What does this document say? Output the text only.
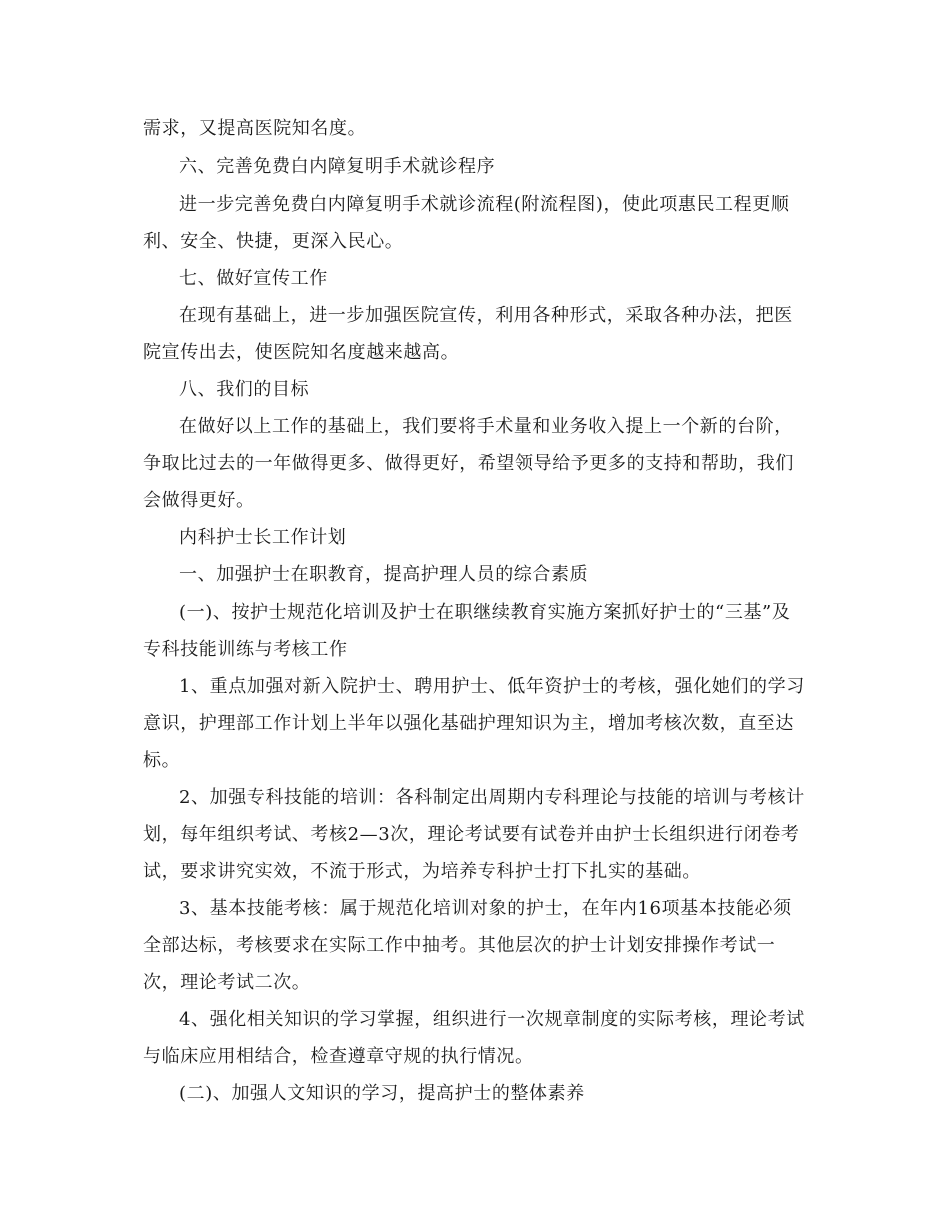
需求，又提高医院知名度。

六、完善免费白内障复明手术就诊程序

进一步完善免费白内障复明手术就诊流程(附流程图)，使此项惠民工程更顺

利、安全、快捷，更深入民心。

七、做好宣传工作

在现有基础上，进一步加强医院宣传，利用各种形式，采取各种办法，把医

院宣传出去，使医院知名度越来越高。

八、我们的目标

在做好以上工作的基础上，我们要将手术量和业务收入提上一个新的台阶，

争取比过去的一年做得更多、做得更好，希望领导给予更多的支持和帮助，我们

会做得更好。

内科护士长工作计划

一、加强护士在职教育，提高护理人员的综合素质

(一)、按护士规范化培训及护士在职继续教育实施方案抓好护士的“三基”及

专科技能训练与考核工作

1、重点加强对新入院护士、聘用护士、低年资护士的考核，强化她们的学习

意识，护理部工作计划上半年以强化基础护理知识为主，增加考核次数，直至达

标。

2、加强专科技能的培训：各科制定出周期内专科理论与技能的培训与考核计

划，每年组织考试、考核2—3次，理论考试要有试卷并由护士长组织进行闭卷考

试，要求讲究实效，不流于形式，为培养专科护士打下扎实的基础。

3、基本技能考核：属于规范化培训对象的护士，在年内16项基本技能必须

全部达标，考核要求在实际工作中抽考。其他层次的护士计划安排操作考试一

次，理论考试二次。

4、强化相关知识的学习掌握，组织进行一次规章制度的实际考核，理论考试

与临床应用相结合，检查遵章守规的执行情况。

(二)、加强人文知识的学习，提高护士的整体素养
